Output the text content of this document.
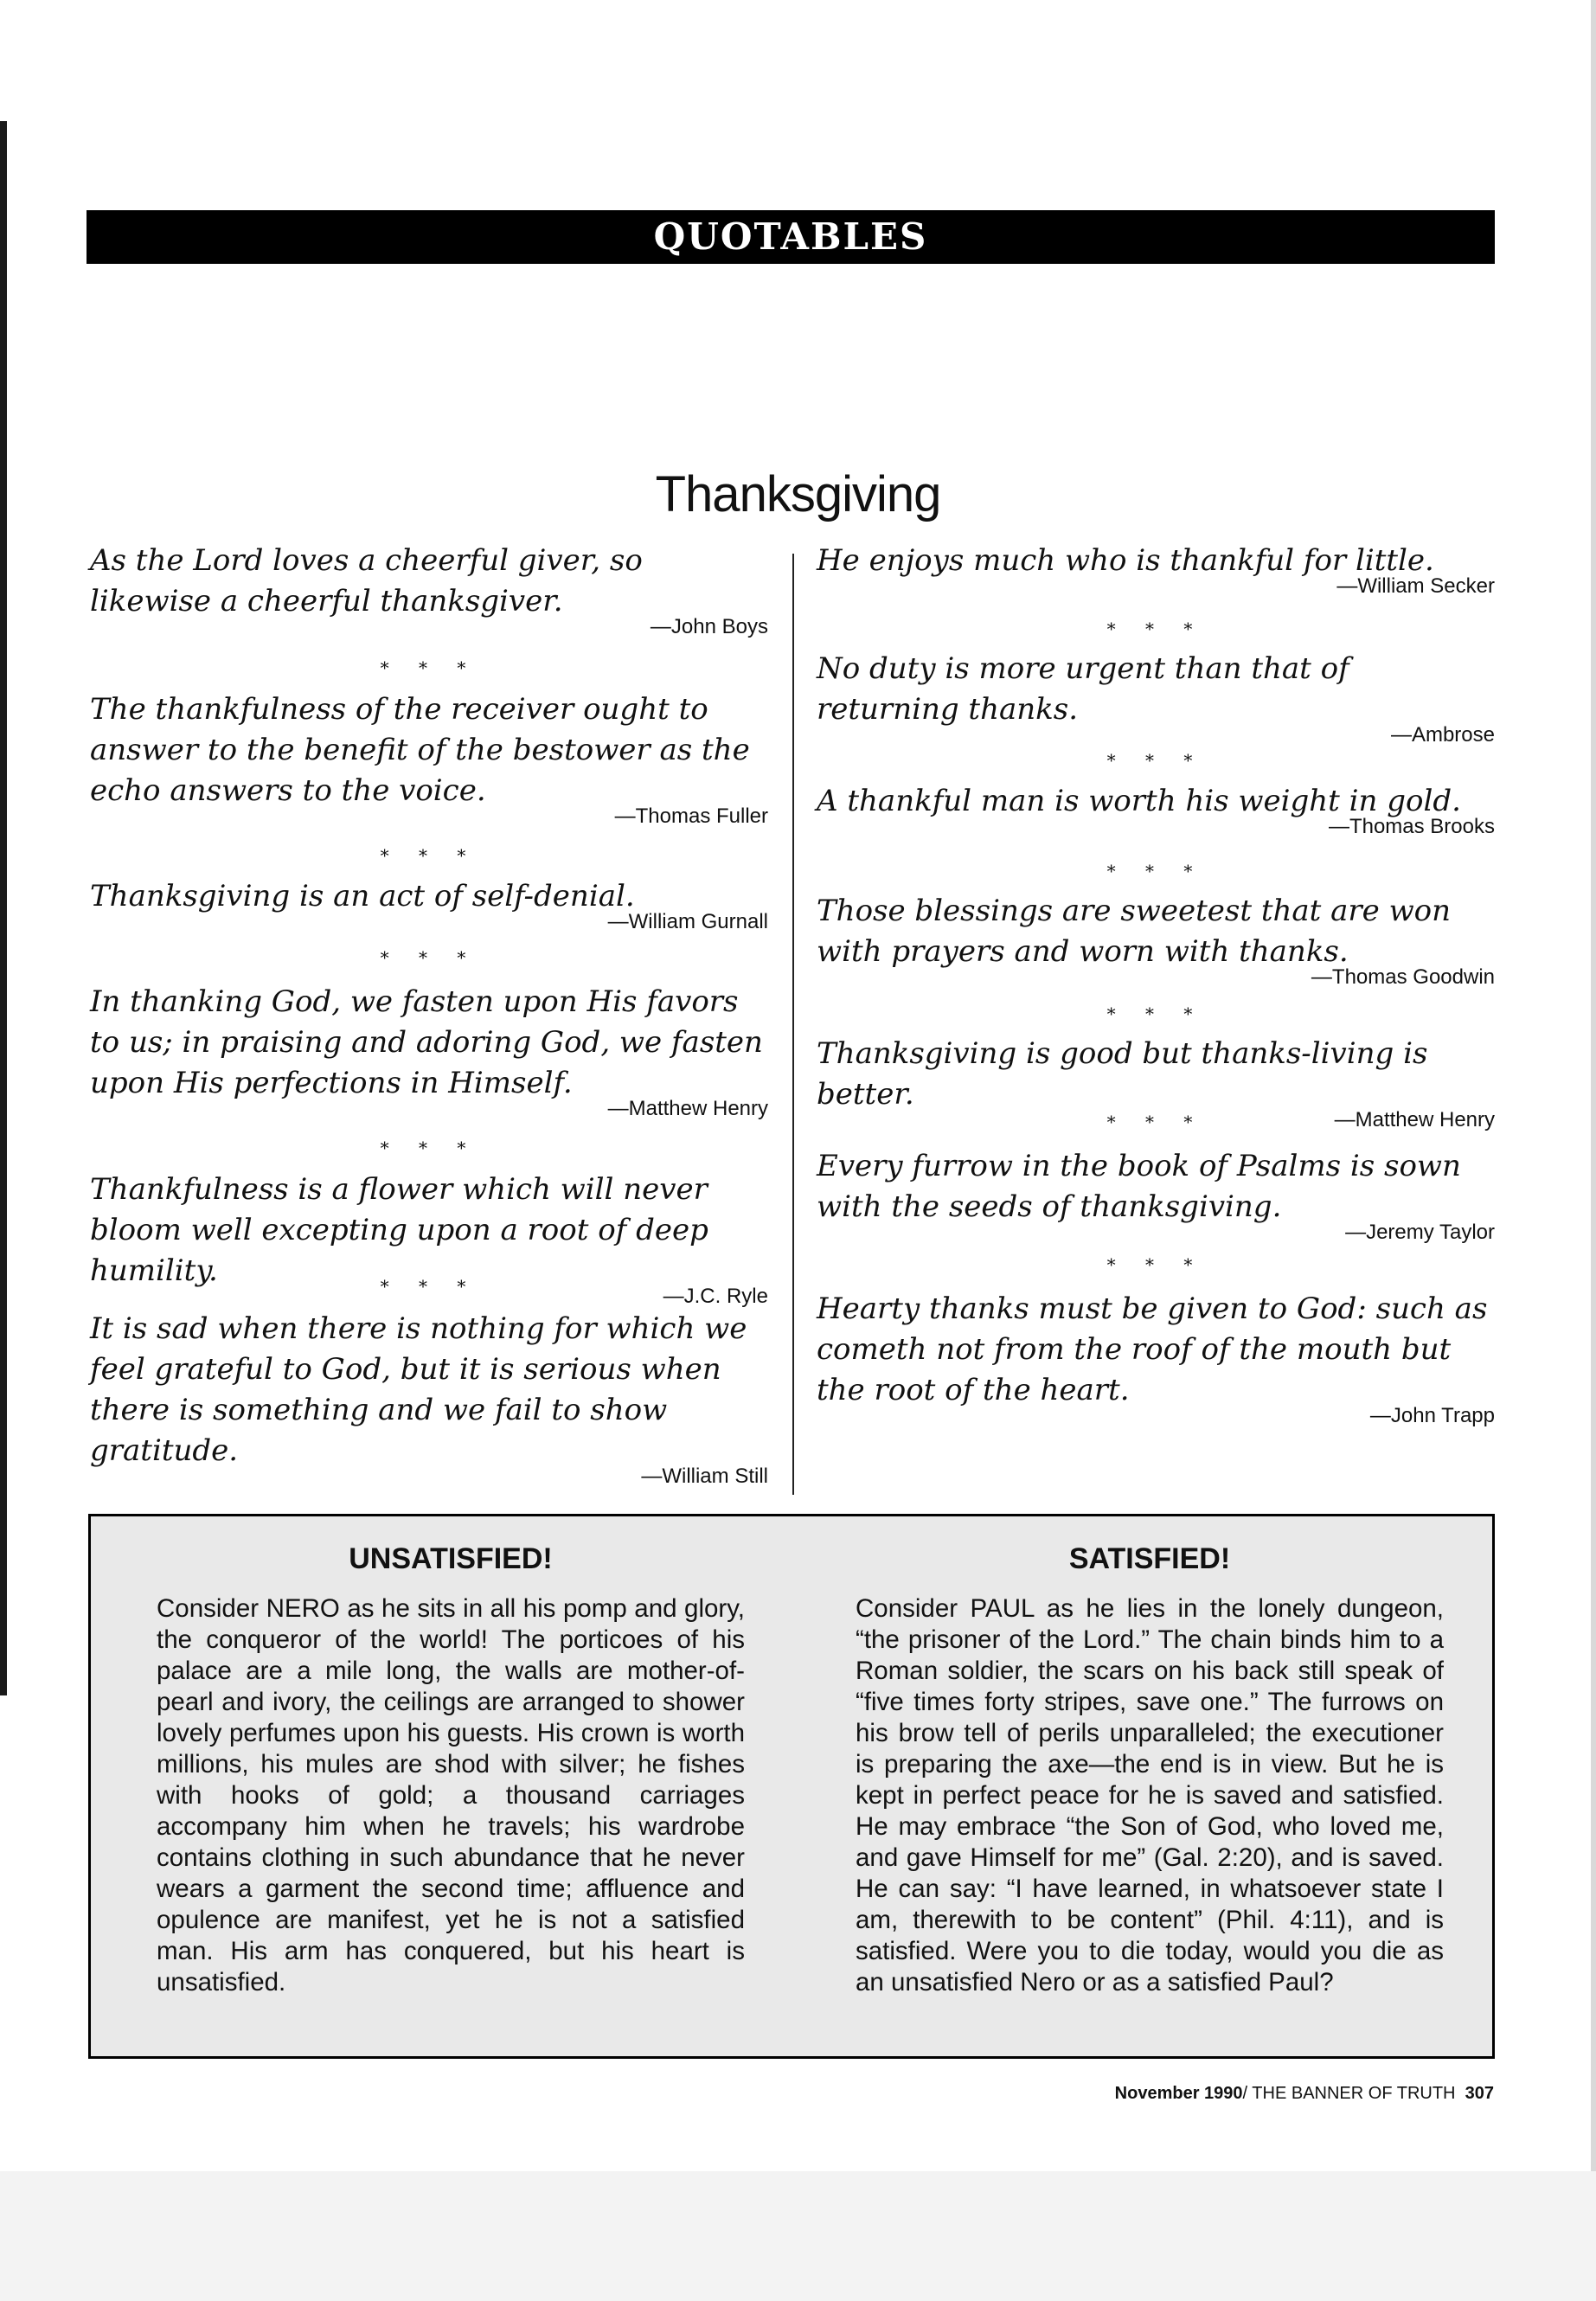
QUOTABLES
Thanksgiving

As the Lord loves a cheerful giver, so likewise a cheerful thanksgiver.

—John Boys
* * *

The thankfulness of the receiver ought to answer to the benefit of the bestower as the echo answers to the voice.

—Thomas Fuller
* * *

Thanksgiving is an act of self-denial.

—William Gurnall
* * *

In thanking God, we fasten upon His favors to us; in praising and adoring God, we fasten upon His perfections in Himself.

—Matthew Henry
* * *

Thankfulness is a flower which will never bloom well excepting upon a root of deep humility.

—J.C. Ryle
* * *

It is sad when there is nothing for which we feel grateful to God, but it is serious when there is something and we fail to show gratitude.

—William Still

He enjoys much who is thankful for little.

—William Secker
* * *

No duty is more urgent than that of returning thanks.

—Ambrose
* * *

A thankful man is worth his weight in gold.

—Thomas Brooks
* * *

Those blessings are sweetest that are won with prayers and worn with thanks.

—Thomas Goodwin
* * *

Thanksgiving is good but thanks-living is better.

—Matthew Henry
* * *

Every furrow in the book of Psalms is sown with the seeds of thanksgiving.

—Jeremy Taylor
* * *

Hearty thanks must be given to God: such as cometh not from the roof of the mouth but the root of the heart.

—John Trapp
UNSATISFIED!

Consider NERO as he sits in all his pomp and glory, the conqueror of the world! The porticoes of his palace are a mile long, the walls are mother-of-pearl and ivory, the ceilings are arranged to shower lovely perfumes upon his guests. His crown is worth millions, his mules are shod with silver; he fishes with hooks of gold; a thousand carriages accompany him when he travels; his wardrobe contains clothing in such abundance that he never wears a garment the second time; affluence and opulence are manifest, yet he is not a satisfied man. His arm has conquered, but his heart is unsatisfied.

SATISFIED!

Consider PAUL as he lies in the lonely dungeon, “the prisoner of the Lord.” The chain binds him to a Roman soldier, the scars on his back still speak of “five times forty stripes, save one.” The furrows on his brow tell of perils unparalleled; the executioner is preparing the axe—the end is in view. But he is kept in perfect peace for he is saved and satisfied. He may embrace “the Son of God, who loved me, and gave Himself for me” (Gal. 2:20), and is saved. He can say: “I have learned, in whatsoever state I am, therewith to be content” (Phil. 4:11), and is satisfied. Were you to die today, would you die as an unsatisfied Nero or as a satisfied Paul?

November 1990/ THE BANNER OF TRUTH 307
